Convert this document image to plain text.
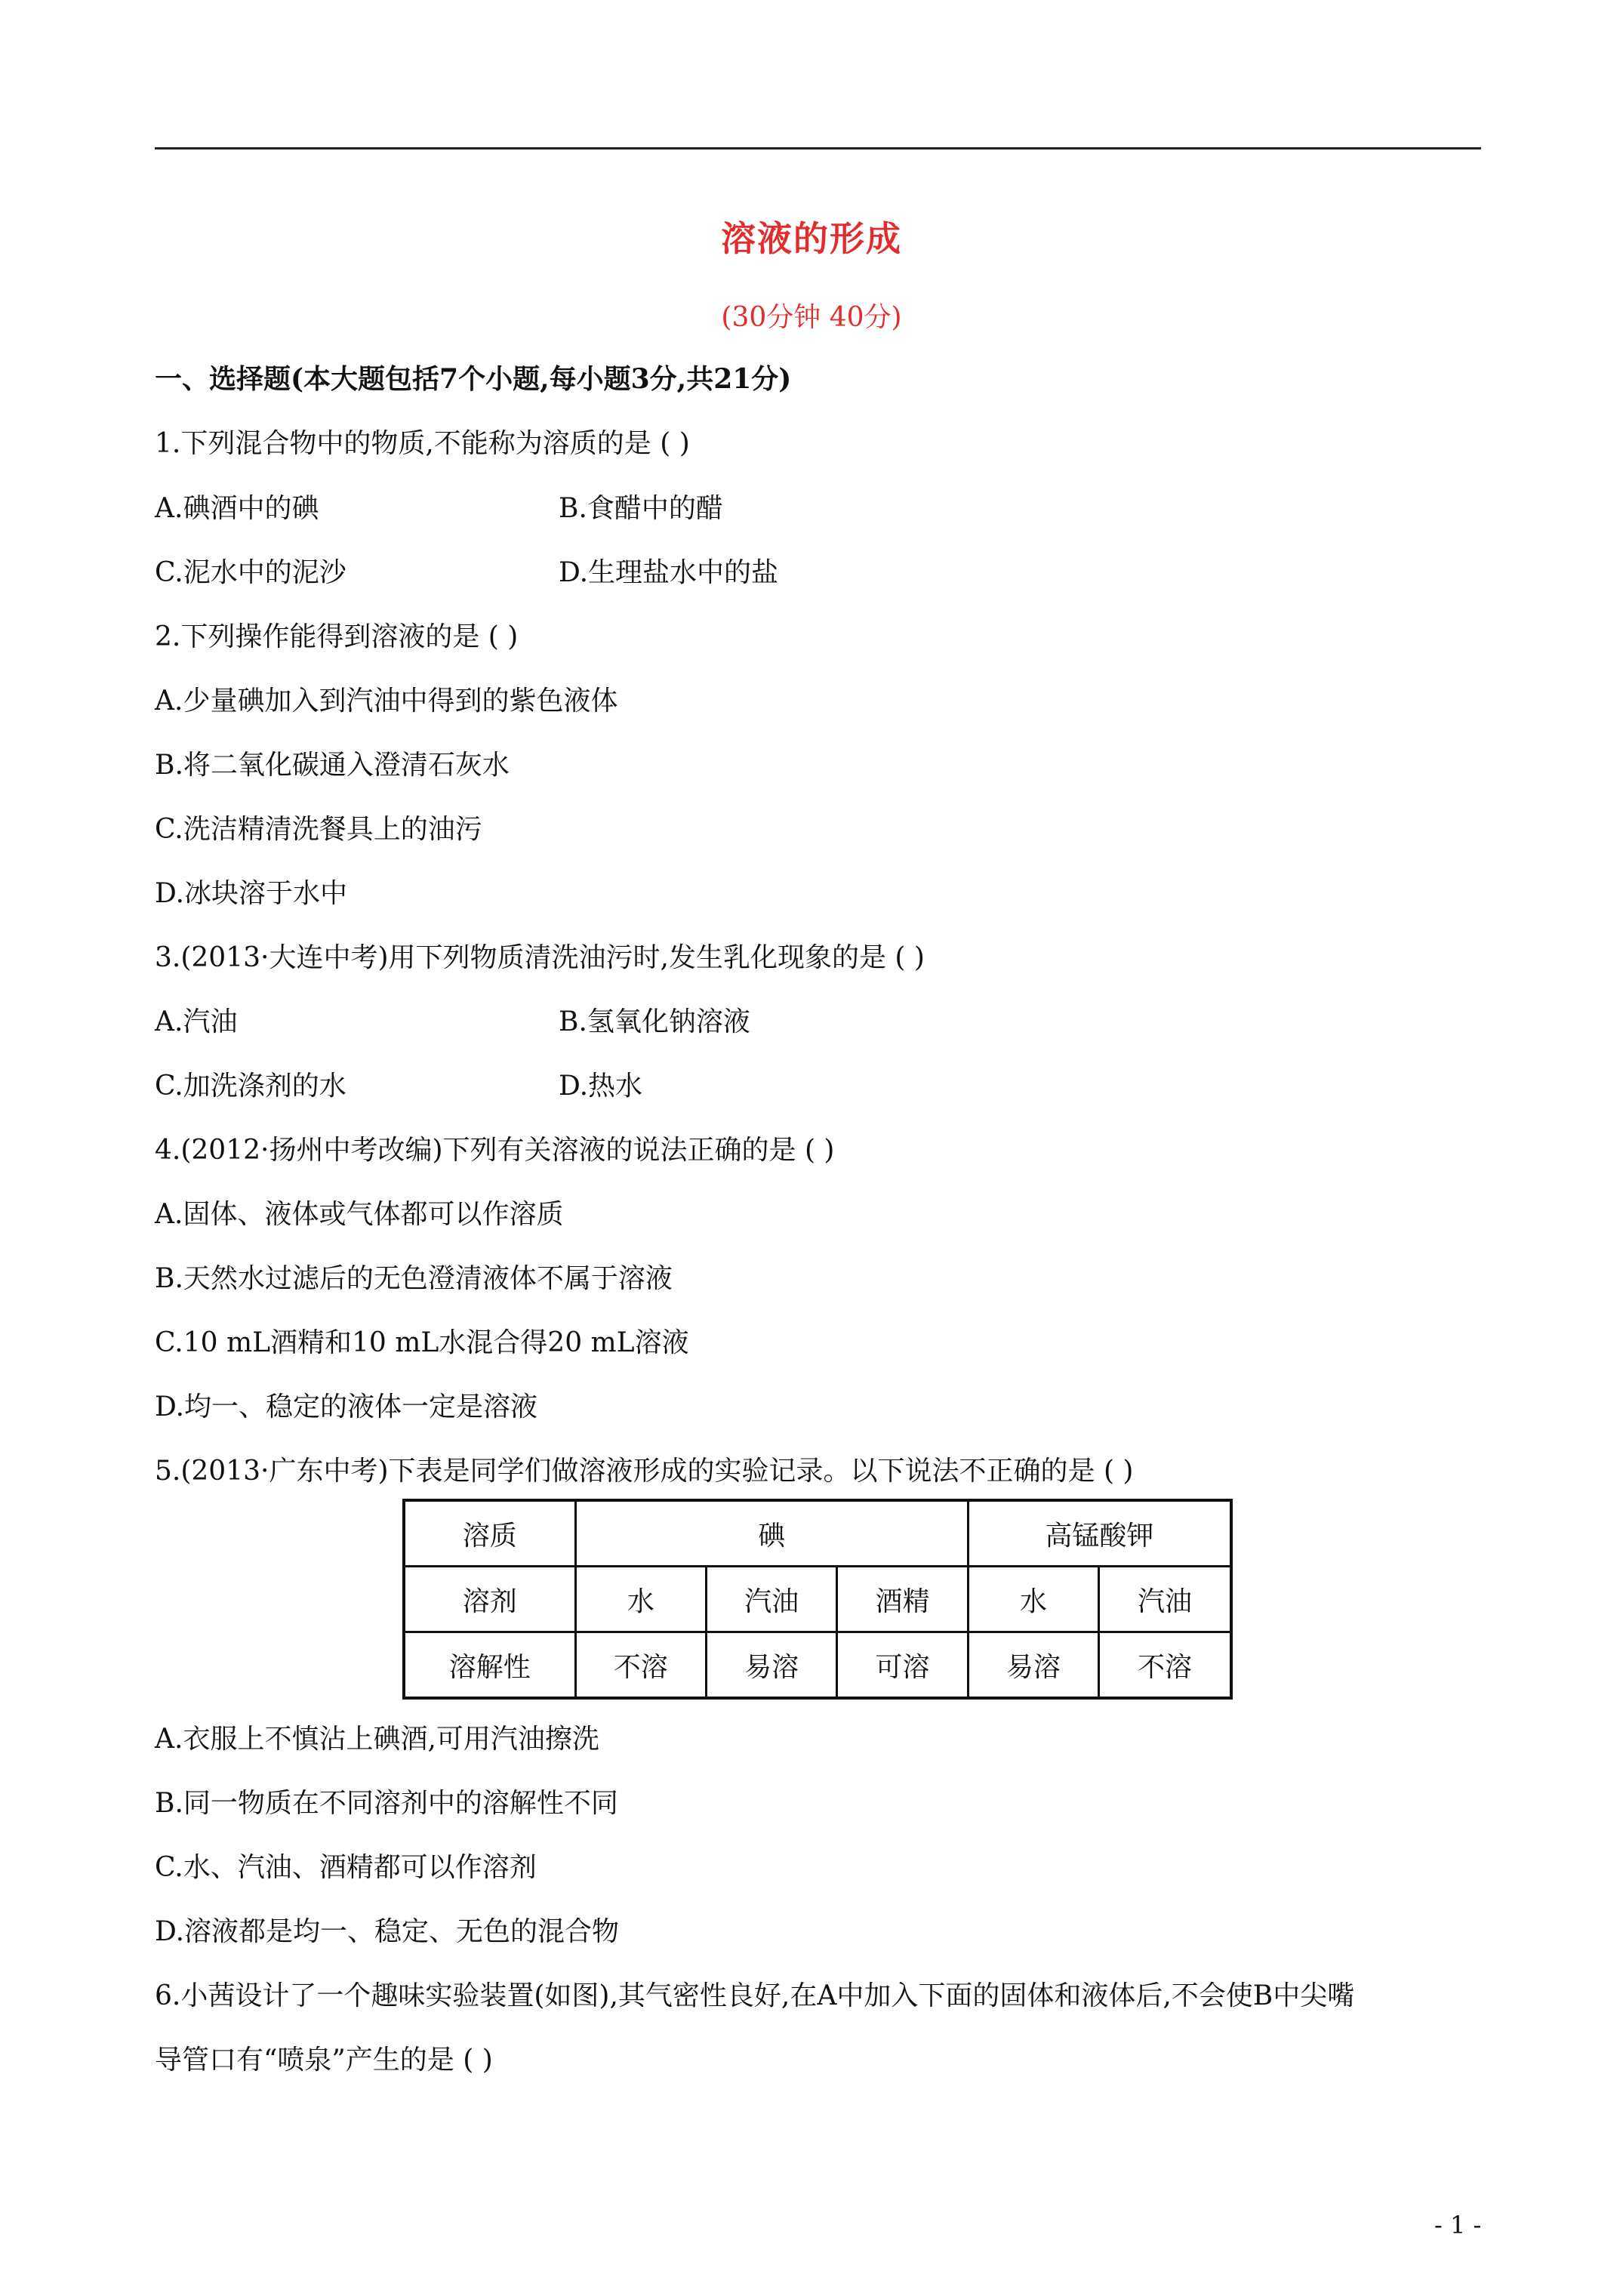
溶液的形成
(30分钟 40分)
一、选择题(本大题包括7个小题,每小题3分,共21分)
1.下列混合物中的物质,不能称为溶质的是 ( )
A.碘酒中的碘	B.食醋中的醋
C.泥水中的泥沙	D.生理盐水中的盐
2.下列操作能得到溶液的是 ( )
A.少量碘加入到汽油中得到的紫色液体
B.将二氧化碳通入澄清石灰水
C.洗洁精清洗餐具上的油污
D.冰块溶于水中
3.(2013·大连中考)用下列物质清洗油污时,发生乳化现象的是 ( )
A.汽油	B.氢氧化钠溶液
C.加洗涤剂的水	D.热水
4.(2012·扬州中考改编)下列有关溶液的说法正确的是 ( )
A.固体、液体或气体都可以作溶质
B.天然水过滤后的无色澄清液体不属于溶液
C.10 mL酒精和10 mL水混合得20 mL溶液
D.均一、稳定的液体一定是溶液
5.(2013·广东中考)下表是同学们做溶液形成的实验记录。以下说法不正确的是 ( )
溶质	碘			高锰酸钾	
溶剂	水	汽油	酒精	水	汽油
溶解性	不溶	易溶	可溶	易溶	不溶
A.衣服上不慎沾上碘酒,可用汽油擦洗
B.同一物质在不同溶剂中的溶解性不同
C.水、汽油、酒精都可以作溶剂
D.溶液都是均一、稳定、无色的混合物
6.小茜设计了一个趣味实验装置(如图),其气密性良好,在A中加入下面的固体和液体后,不会使B中尖嘴
导管口有“喷泉”产生的是 ( )
- 1 -
